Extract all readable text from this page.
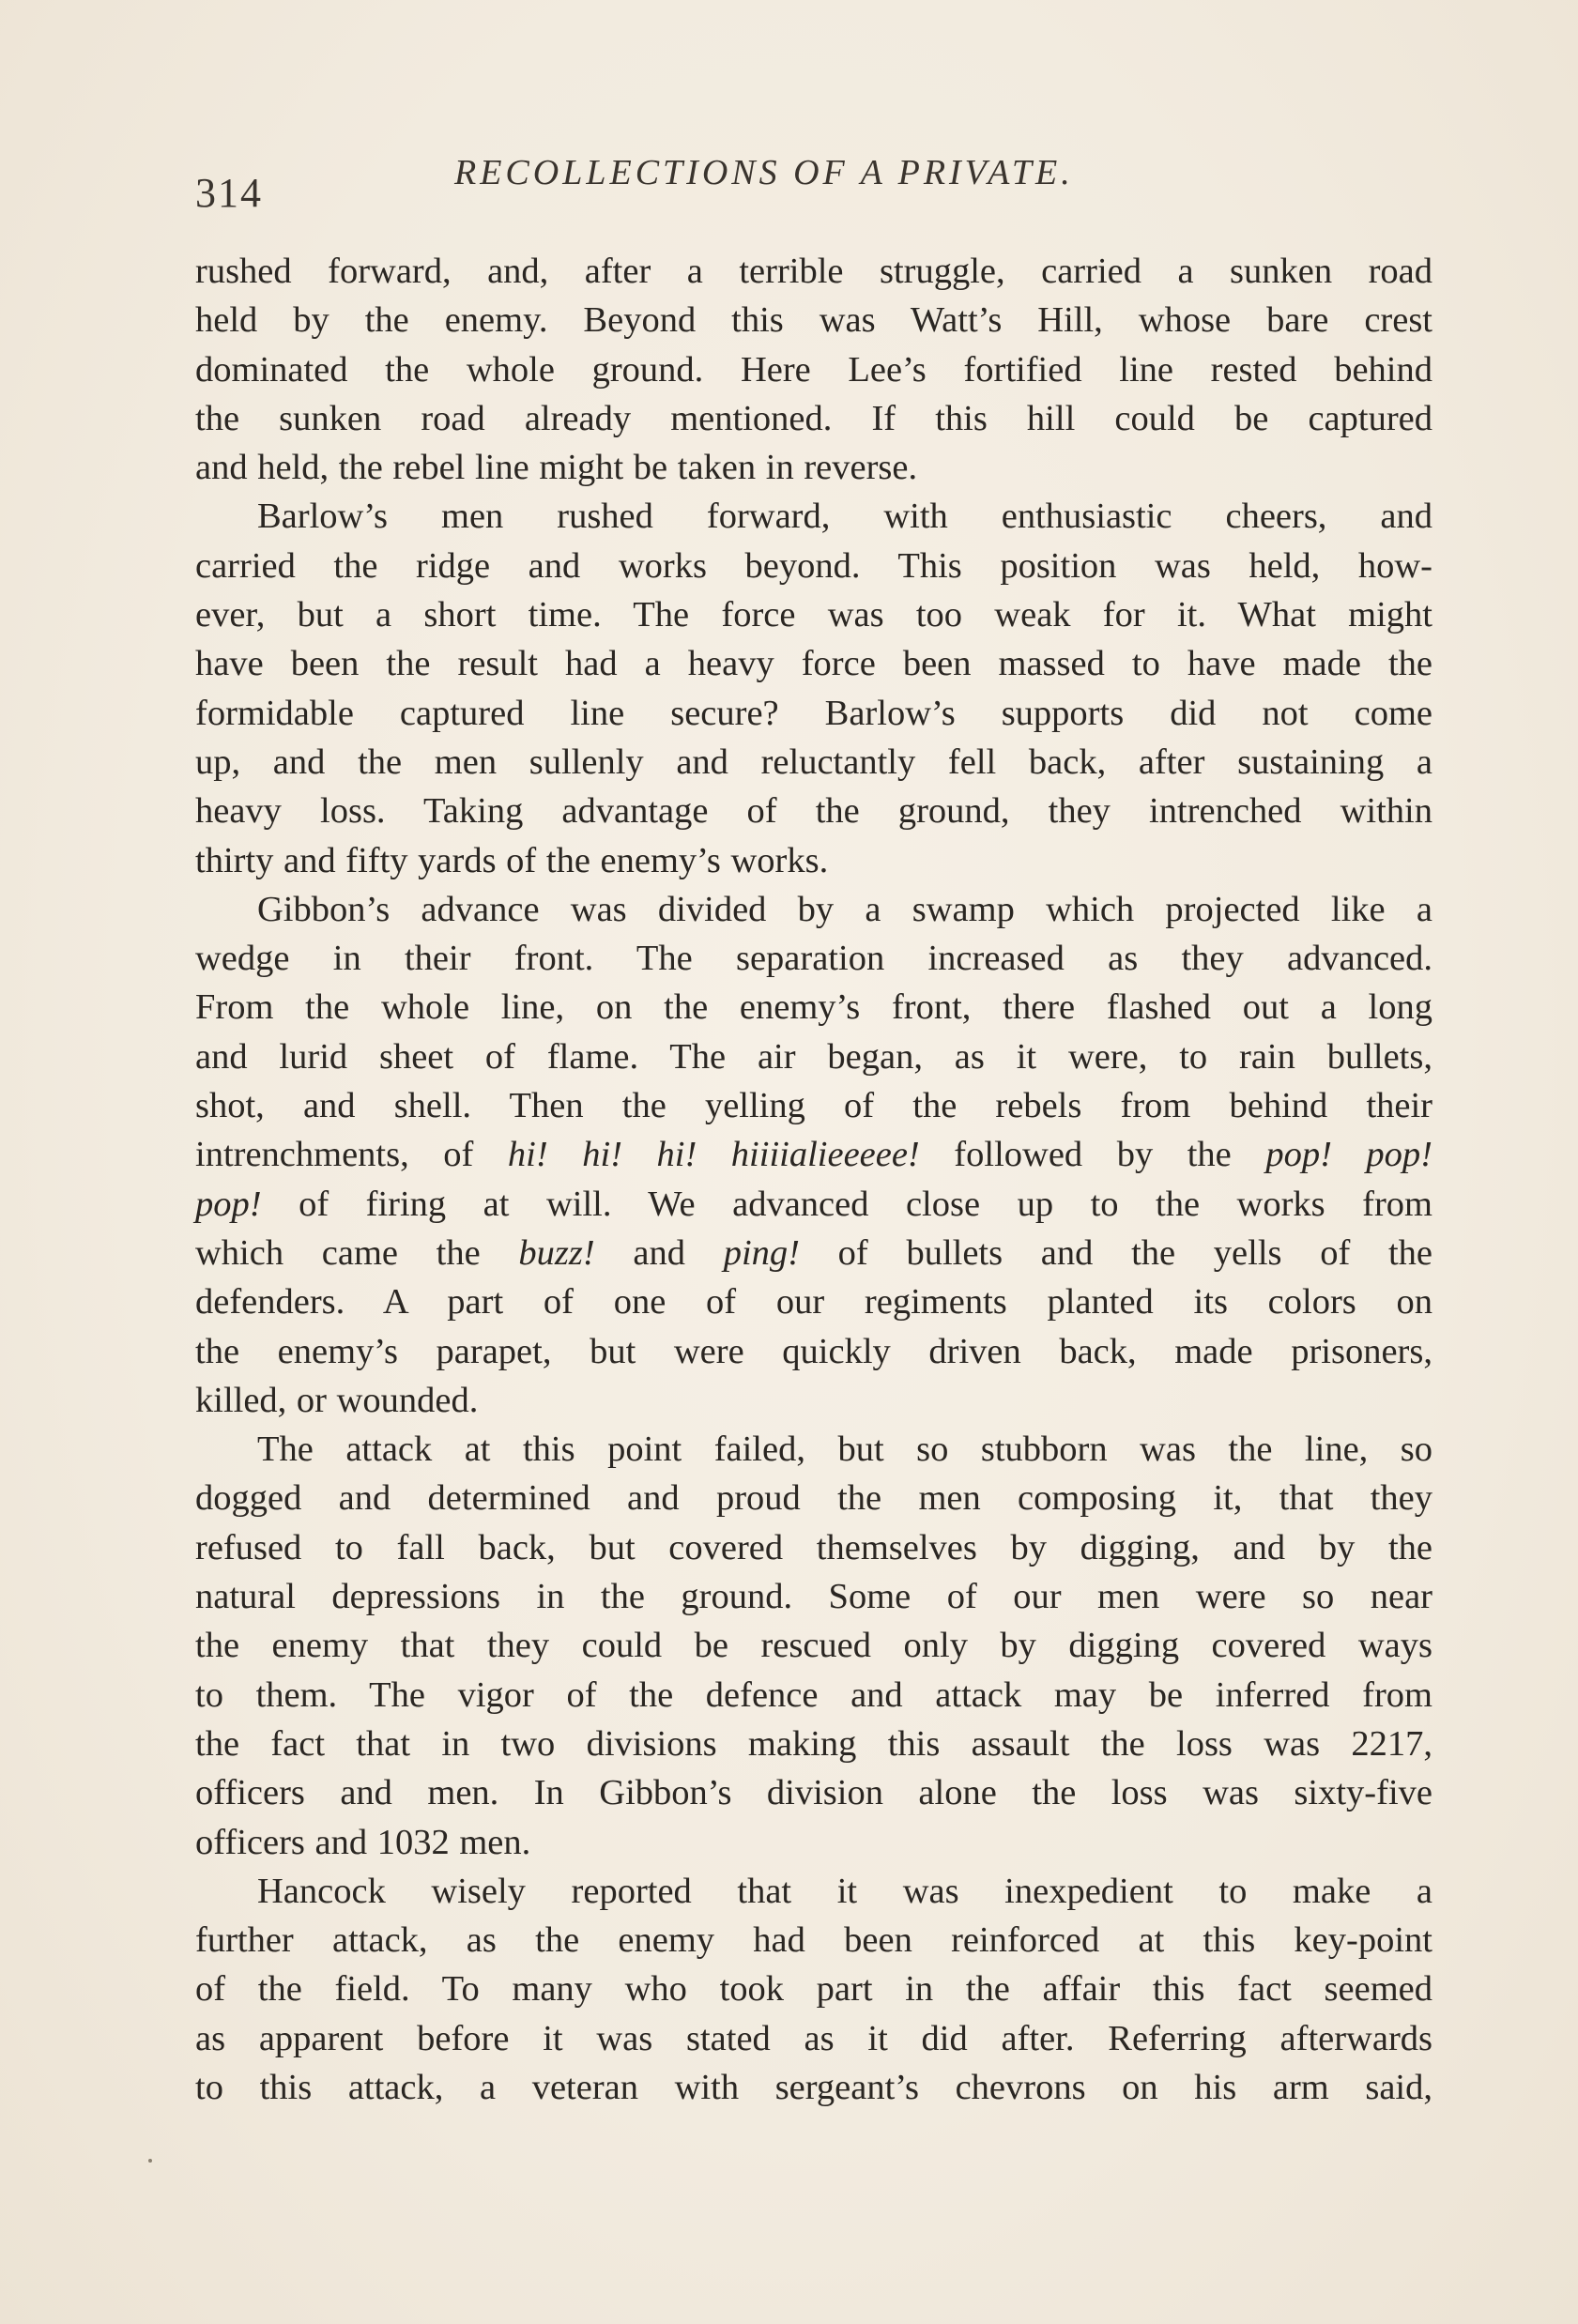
314	RECOLLECTIONS OF A PRIVATE.
rushed forward, and, after a terrible struggle, carried a sunken road
held by the enemy. Beyond this was Watt’s Hill, whose bare crest
dominated the whole ground. Here Lee’s fortified line rested behind
the sunken road already mentioned. If this hill could be captured
and held, the rebel line might be taken in reverse.
Barlow’s men rushed forward, with enthusiastic cheers, and
carried the ridge and works beyond. This position was held, how-
ever, but a short time. The force was too weak for it. What might
have been the result had a heavy force been massed to have made the
formidable captured line secure? Barlow’s supports did not come
up, and the men sullenly and reluctantly fell back, after sustaining a
heavy loss. Taking advantage of the ground, they intrenched within
thirty and fifty yards of the enemy’s works.
Gibbon’s advance was divided by a swamp which projected like a
wedge in their front. The separation increased as they advanced.
From the whole line, on the enemy’s front, there flashed out a long
and lurid sheet of flame. The air began, as it were, to rain bullets,
shot, and shell. Then the yelling of the rebels from behind their
intrenchments, of hi! hi! hi! hiiiialieeeee! followed by the pop! pop!
pop! of firing at will. We advanced close up to the works from
which came the buzz! and ping! of bullets and the yells of the
defenders. A part of one of our regiments planted its colors on
the enemy’s parapet, but were quickly driven back, made prisoners,
killed, or wounded.
The attack at this point failed, but so stubborn was the line, so
dogged and determined and proud the men composing it, that they
refused to fall back, but covered themselves by digging, and by the
natural depressions in the ground. Some of our men were so near
the enemy that they could be rescued only by digging covered ways
to them. The vigor of the defence and attack may be inferred from
the fact that in two divisions making this assault the loss was 2217,
officers and men. In Gibbon’s division alone the loss was sixty-five
officers and 1032 men.
Hancock wisely reported that it was inexpedient to make a
further attack, as the enemy had been reinforced at this key-point
of the field. To many who took part in the affair this fact seemed
as apparent before it was stated as it did after. Referring afterwards
to this attack, a veteran with sergeant’s chevrons on his arm said,
